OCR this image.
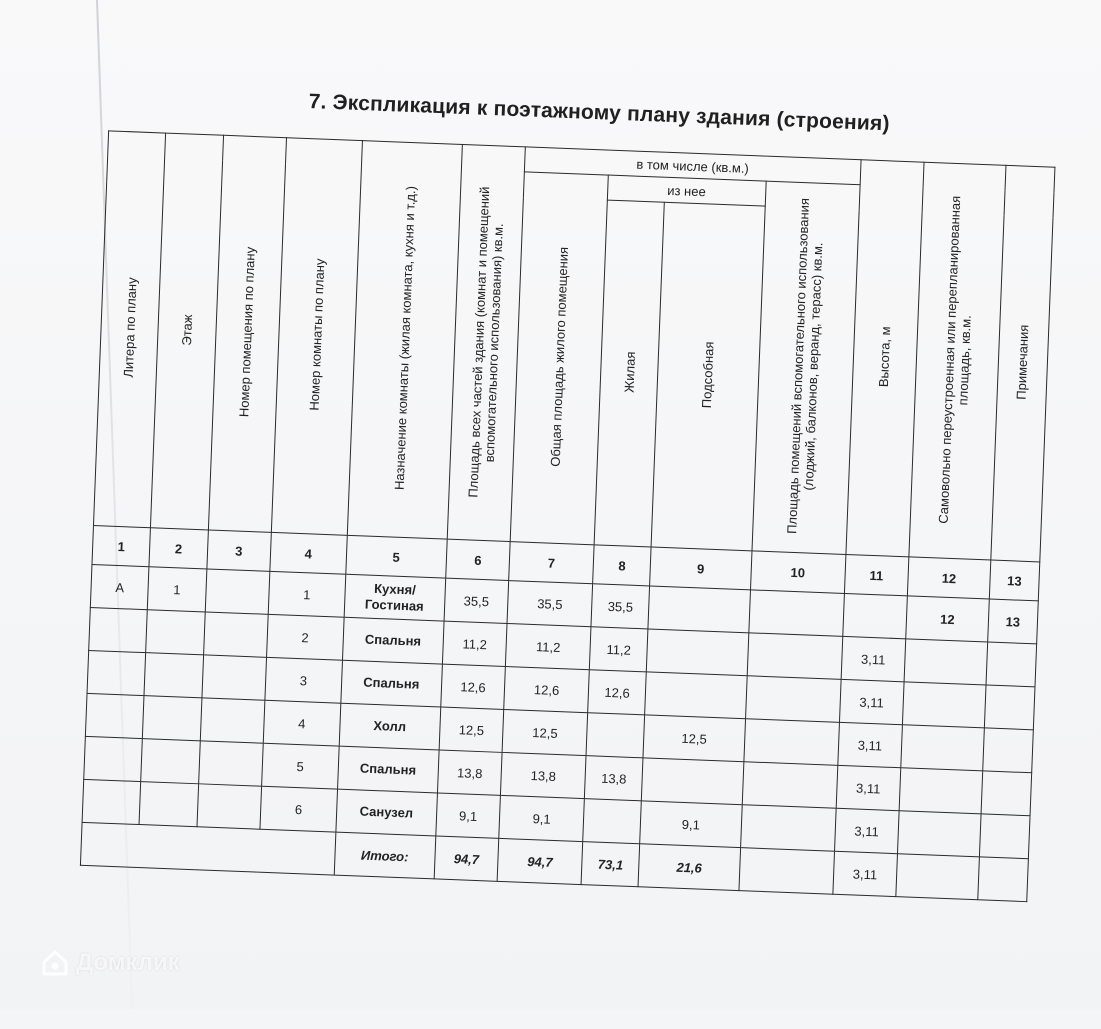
7. Экспликация к поэтажному плану здания (строения)
Литера по плану	Этаж	Номер помещения по плану	Номер комнаты по плану	Назначение комнаты (жилая комната, кухня и т.д.)	Площадь всех частей здания (комнат и помещений вспомогательного использования) кв.м.	в том числе (кв.м.)				Высота, м	Самовольно переустроенная или перепланированная площадь, кв.м.	Примечания
						Общая площадь жилого помещения	из нее		Площадь помещений вспомогательного использования (лоджий, балконов, веранд, терасс) кв.м.			
							Жилая	Подсобная				
1	2	3	4	5	6	7	8	9	10	11	12	13
А	1		1	Кухня/Гостиная	35,5	35,5	35,5				12	13
			2	Спальня	11,2	11,2	11,2			3,11		
			3	Спальня	12,6	12,6	12,6			3,11		
			4	Холл	12,5	12,5		12,5		3,11		
			5	Спальня	13,8	13,8	13,8			3,11		
			6	Санузел	9,1	9,1		9,1		3,11		
				Итого:	94,7	94,7	73,1	21,6		3,11		
Домклик
